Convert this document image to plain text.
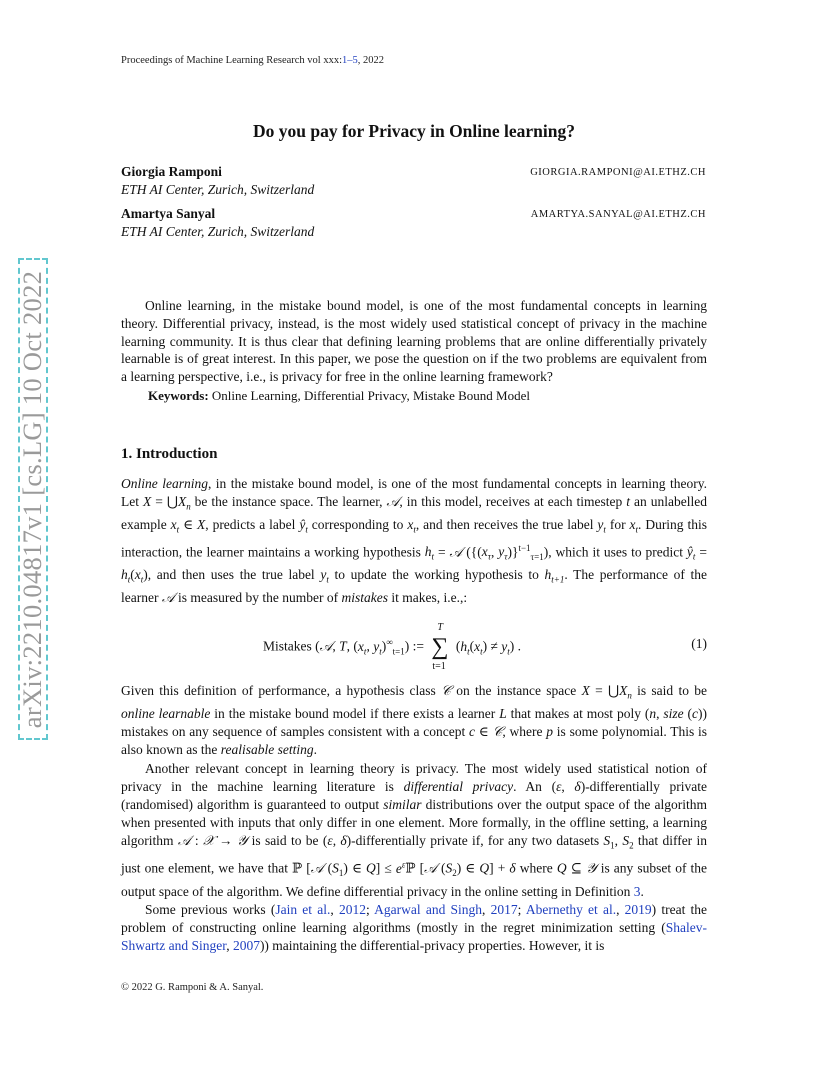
Proceedings of Machine Learning Research vol xxx:1–5, 2022
arXiv:2210.04817v1 [cs.LG] 10 Oct 2022
Do you pay for Privacy in Online learning?
Giorgia Ramponi
ETH AI Center, Zurich, Switzerland
GIORGIA.RAMPONI@AI.ETHZ.CH
Amartya Sanyal
ETH AI Center, Zurich, Switzerland
AMARTYA.SANYAL@AI.ETHZ.CH

Online learning, in the mistake bound model, is one of the most fundamental concepts in learning theory. Differential privacy, instead, is the most widely used statistical concept of privacy in the machine learning community. It is thus clear that defining learning problems that are online differentially privately learnable is of great interest. In this paper, we pose the question on if the two problems are equivalent from a learning perspective, i.e., is privacy for free in the online learning framework?

Keywords: Online Learning, Differential Privacy, Mistake Bound Model
1. Introduction

Online learning, in the mistake bound model, is one of the most fundamental concepts in learning theory. Let $X = ⋃X_n$ be the instance space. The learner, 𝒜, in this model, receives at each timestep t an unlabelled example $x_t$ ∈ X, predicts a label $ŷ_t$ corresponding to $x_t$, and then receives the true label $y_t$ for $x_t$. During this interaction, the learner maintains a working hypothesis $h_t$ = 𝒜 ({($x_\tau$, $y_\tau)\}^{t-1}_{\tau=1}$), which it uses to predict $ŷ_t = h_t(x_t)$, and then uses the true label $y_t$ to update the working hypothesis to $h_{t+1}$. The performance of the learner 𝒜 is measured by the number of mistakes it makes, i.e.,:

Mistakes (𝒜, T, ($x_t$, $y_t)^\infty_{t=1}$) := ∑
T
t=1
$(h_t(x_t) \ne y_t)$ .	(1)

Given this definition of performance, a hypothesis class 𝒞 on the instance space $X = ⋃X_n$ is said to be online learnable in the mistake bound model if there exists a learner L that makes at most poly (n, size (c)) mistakes on any sequence of samples consistent with a concept c ∈ 𝒞, where p is some polynomial. This is also known as the realisable setting.

Another relevant concept in learning theory is privacy. The most widely used statistical notion of privacy in the machine learning literature is differential privacy. An (ε, δ)-differentially private (randomised) algorithm is guaranteed to output similar distributions over the output space of the algorithm when presented with inputs that only differ in one element. More formally, in the offline setting, a learning algorithm 𝒜 : 𝒳 → 𝒴 is said to be (ε, δ)-differentially private if, for any two datasets $S_1$, $S_2$ that differ in just one element, we have that ℙ [𝒜 $(S_1)$ ∈ $Q] \le e^\varepsilon ℙ$ [𝒜 $(S_2)$ ∈ Q] + δ where Q ⊆ 𝒴 is any subset of the output space of the algorithm. We define differential privacy in the online setting in Definition 3.

Some previous works (Jain et al., 2012; Agarwal and Singh, 2017; Abernethy et al., 2019) treat the problem of constructing online learning algorithms (mostly in the regret minimization setting (Shalev-Shwartz and Singer, 2007)) maintaining the differential-privacy properties. However, it is

© 2022 G. Ramponi & A. Sanyal.
